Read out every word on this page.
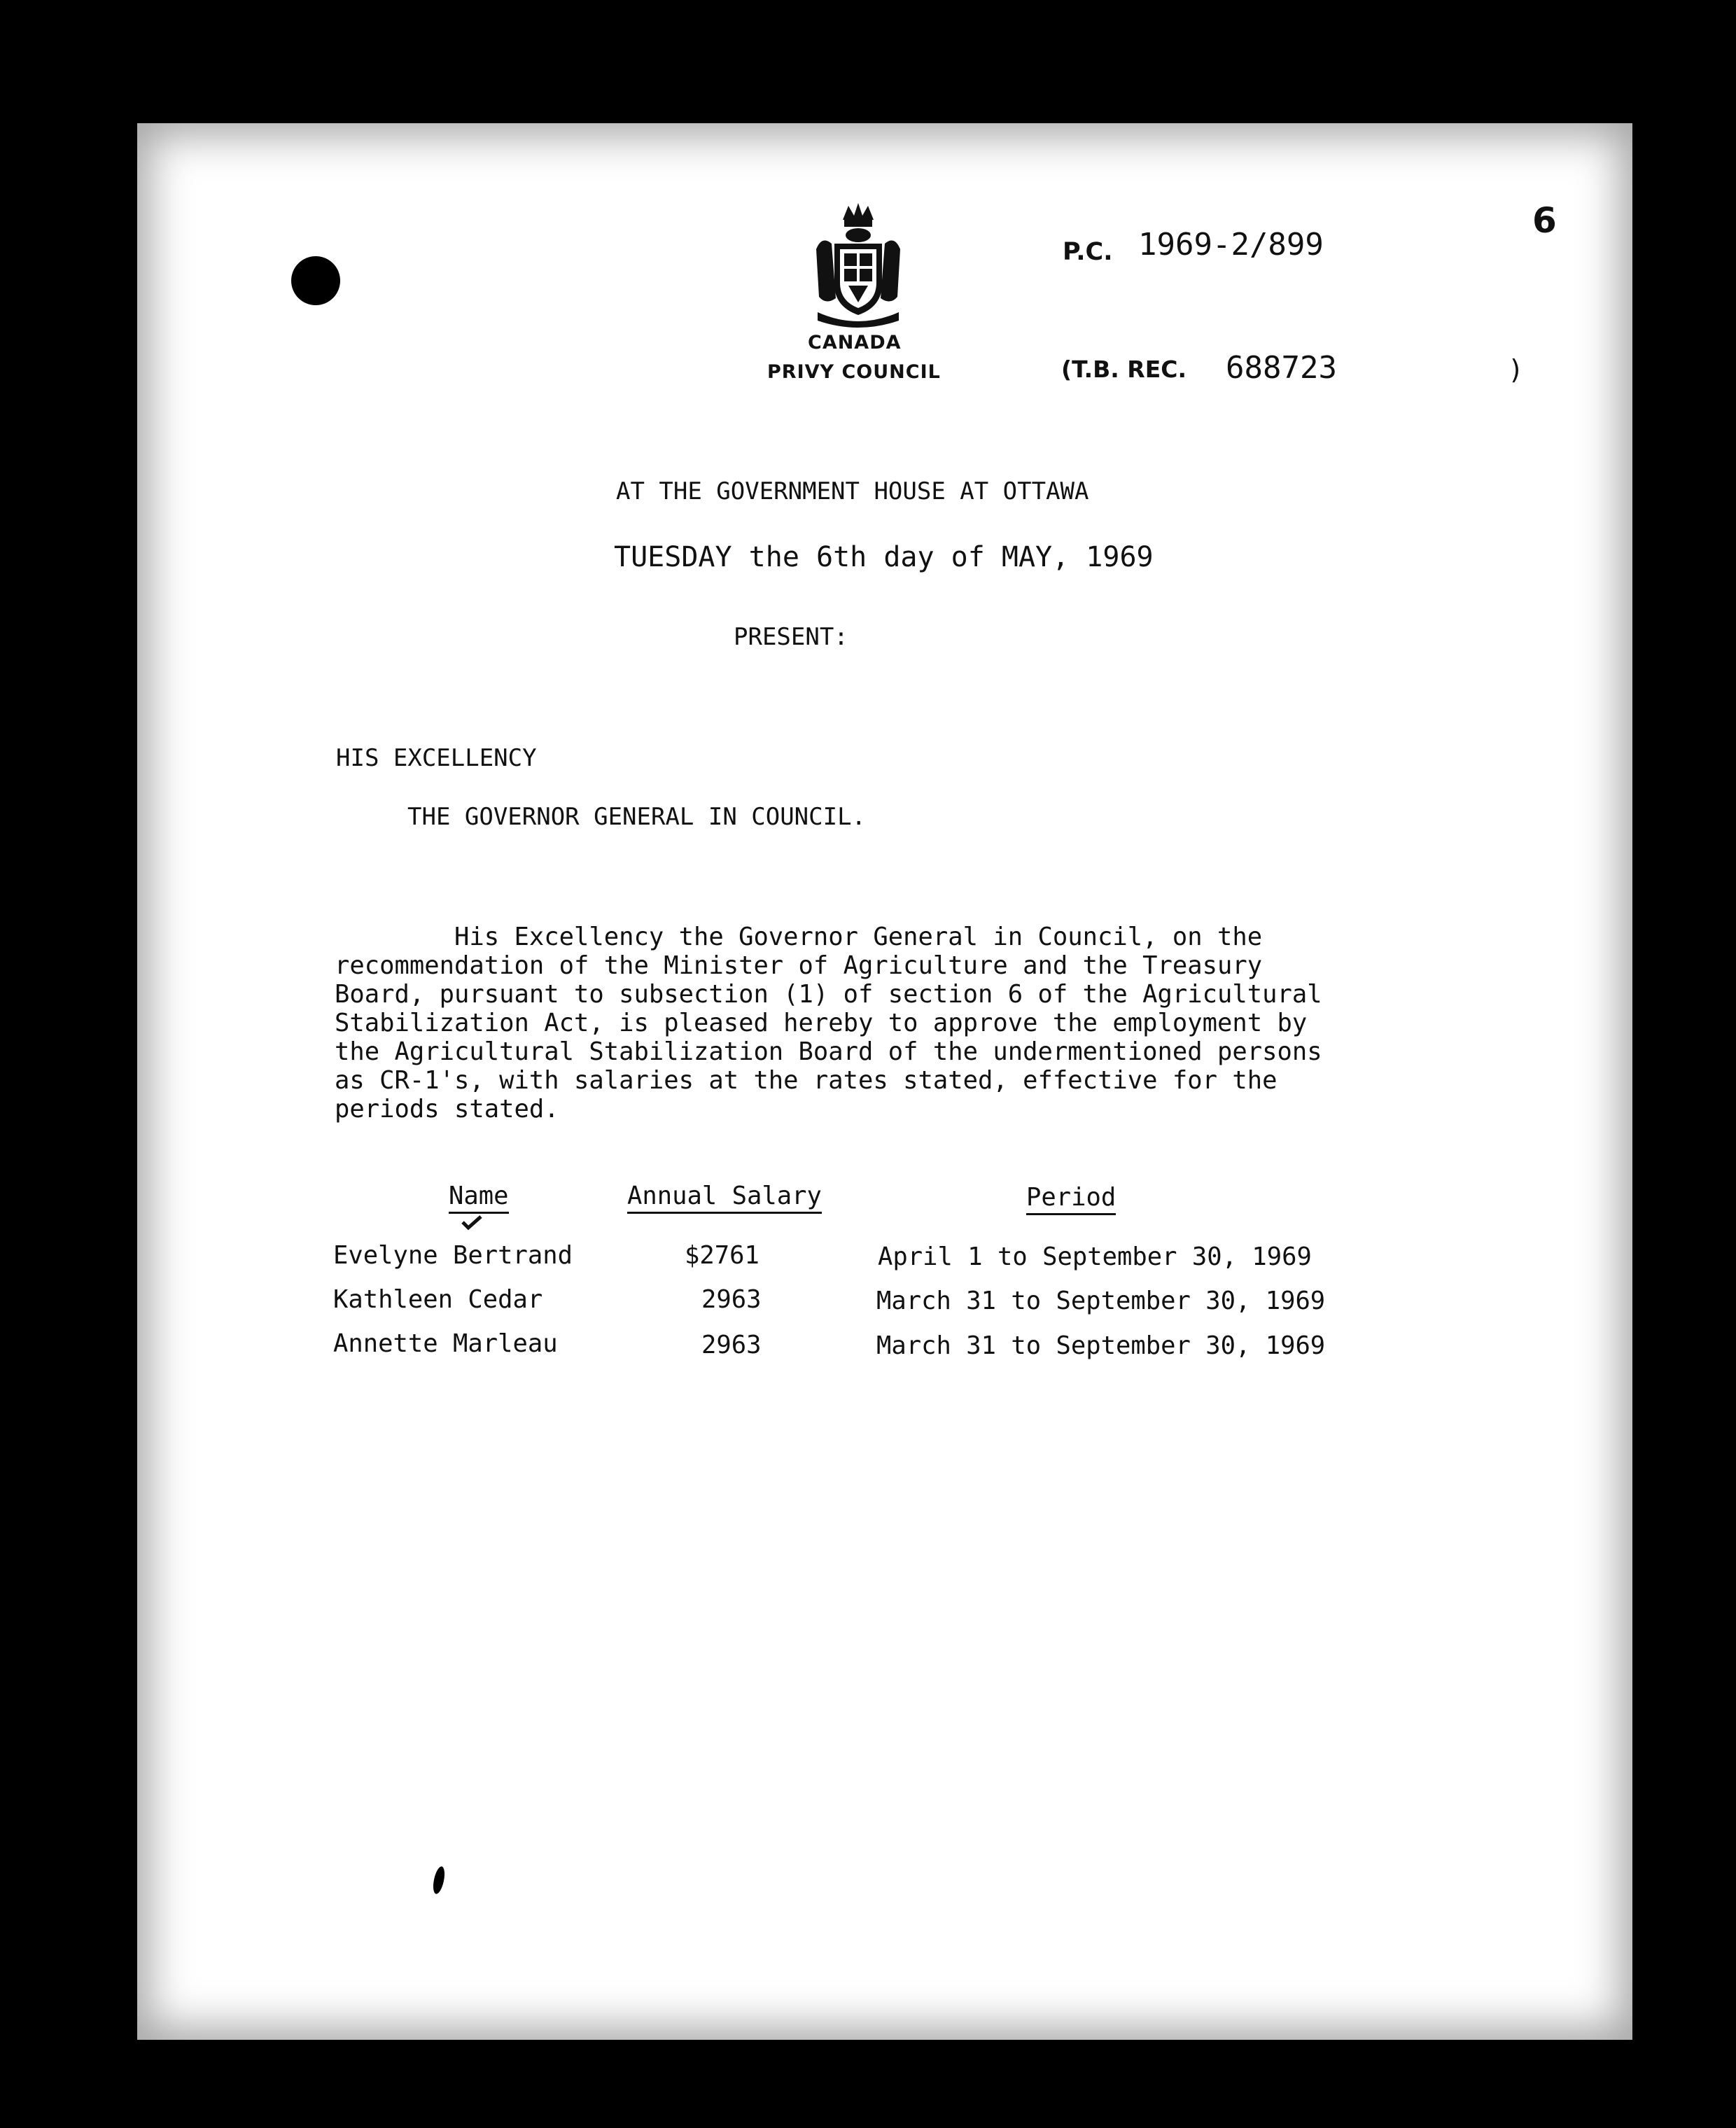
CANADA
PRIVY COUNCIL
P.C. 1969-2/899
(T.B. REC. 688723	)
6
AT THE GOVERNMENT HOUSE AT OTTAWA
TUESDAY the 6th day of MAY, 1969
PRESENT:
HIS EXCELLENCY
THE GOVERNOR GENERAL IN COUNCIL.
His Excellency the Governor General in Council, on the
recommendation of the Minister of Agriculture and the Treasury
Board, pursuant to subsection (1) of section 6 of the Agricultural
Stabilization Act, is pleased hereby to approve the employment by
the Agricultural Stabilization Board of the undermentioned persons
as CR-1's, with salaries at the rates stated, effective for the
periods stated.
Name	Annual Salary	Period
Evelyne Bertrand	$2761	April 1 to September 30, 1969
Kathleen Cedar	2963	March 31 to September 30, 1969
Annette Marleau	2963	March 31 to September 30, 1969
